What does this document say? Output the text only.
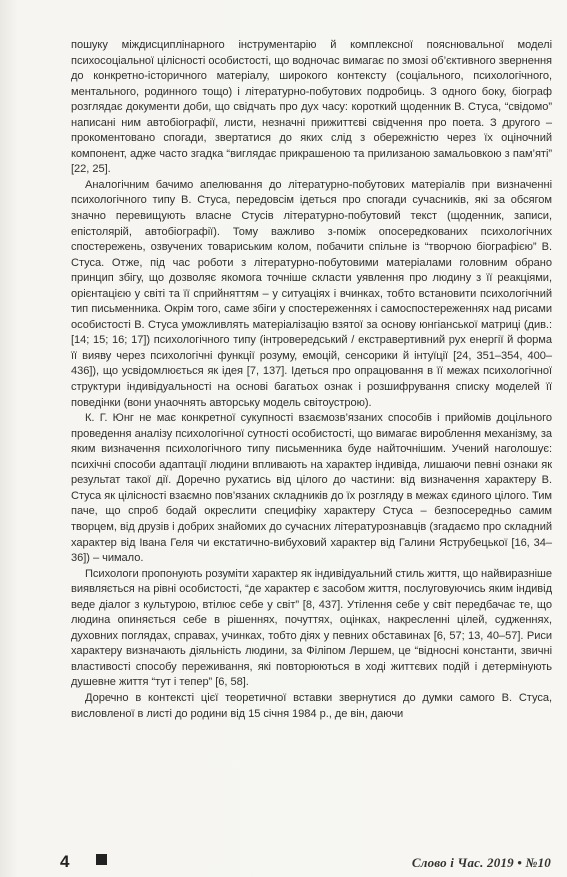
пошуку міждисциплінарного інструментарію й комплексної пояснювальної моделі психосоціальної цілісності особистості, що водночас вимагає по змозі об’єктивного звернення до конкретно-історичного матеріалу, широкого контексту (соціального, психологічного, ментального, родинного тощо) і літературно-побутових подробиць. З одного боку, біограф розглядає документи доби, що свідчать про дух часу: короткий щоденник В. Стуса, “свідомо” написані ним автобіографії, листи, незначні прижиттєві свідчення про поета. З другого – прокоментовано спогади, звертатися до яких слід з обережністю через їх оціночний компонент, адже часто згадка “виглядає прикрашеною та прилизаною замальовкою з пам’яті” [22, 25].

Аналогічним бачимо апелювання до літературно-побутових матеріалів при визначенні психологічного типу В. Стуса, передовсім ідеться про спогади сучасників, які за обсягом значно перевищують власне Стусів літературно-побутовий текст (щоденник, записи, епістолярій, автобіографії). Тому важливо з-поміж опосередкованих психологічних спостережень, озвучених товариським колом, побачити спільне із “творчою біографією” В. Стуса. Отже, під час роботи з літературно-побутовими матеріалами головним обрано принцип збігу, що дозволяє якомога точніше скласти уявлення про людину з її реакціями, орієнтацією у світі та її сприйняттям – у ситуаціях і вчинках, тобто встановити психологічний тип письменника. Окрім того, саме збіги у спостереженнях і самоспостереженнях над рисами особистості В. Стуса уможливлять матеріалізацію взятої за основу юнгіанської матриці (див.: [14; 15; 16; 17]) психологічного типу (інтровередський / екстравертивний рух енергії й форма її вияву через психологічні функції розуму, емоцій, сенсорики й інтуїції [24, 351–354, 400–436]), що усвідомлюється як ідея [7, 137]. Ідеться про опрацювання в її межах психологічної структури індивідуальності на основі багатьох ознак і розшифрування списку моделей її поведінки (вони унаочнять авторську модель світоустрою).

К. Г. Юнг не має конкретної сукупності взаємозв’язаних способів і прийомів доцільного проведення аналізу психологічної сутності особистості, що вимагає вироблення механізму, за яким визначення психологічного типу письменника буде найточнішим. Учений наголошує: психічні способи адаптації людини впливають на характер індивіда, лишаючи певні ознаки як результат такої дії. Доречно рухатись від цілого до частини: від визначення характеру В. Стуса як цілісності взаємно пов’язаних складників до їх розгляду в межах єдиного цілого. Тим паче, що спроб бодай окреслити специфіку характеру Стуса – безпосередньо самим творцем, від друзів і добрих знайомих до сучасних літературознавців (згадаємо про складний характер від Івана Геля чи екстатично-вибуховий характер від Галини Яструбецької [16, 34–36]) – чимало.

Психологи пропонують розуміти характер як індивідуальний стиль життя, що найвиразніше виявляється на рівні особистості, “де характер є засобом життя, послуговуючись яким індивід веде діалог з культурою, втілює себе у світ” [8, 437]. Утілення себе у світ передбачає те, що людина опиняється себе в рішеннях, почуттях, оцінках, накресленні цілей, судженнях, духовних поглядах, справах, учинках, тобто діях у певних обставинах [6, 57; 13, 40–57]. Риси характеру визначають діяльність людини, за Філіпом Лершем, це “відносні константи, звичні властивості способу переживання, які повторюються в ході життєвих подій і детермінують душевне життя “тут і тепер” [6, 58].

Доречно в контексті цієї теоретичної вставки звернутися до думки самого В. Стуса, висловленої в листі до родини від 15 січня 1984 р., де він, даючи

4	Слово і Час. 2019 • №10
